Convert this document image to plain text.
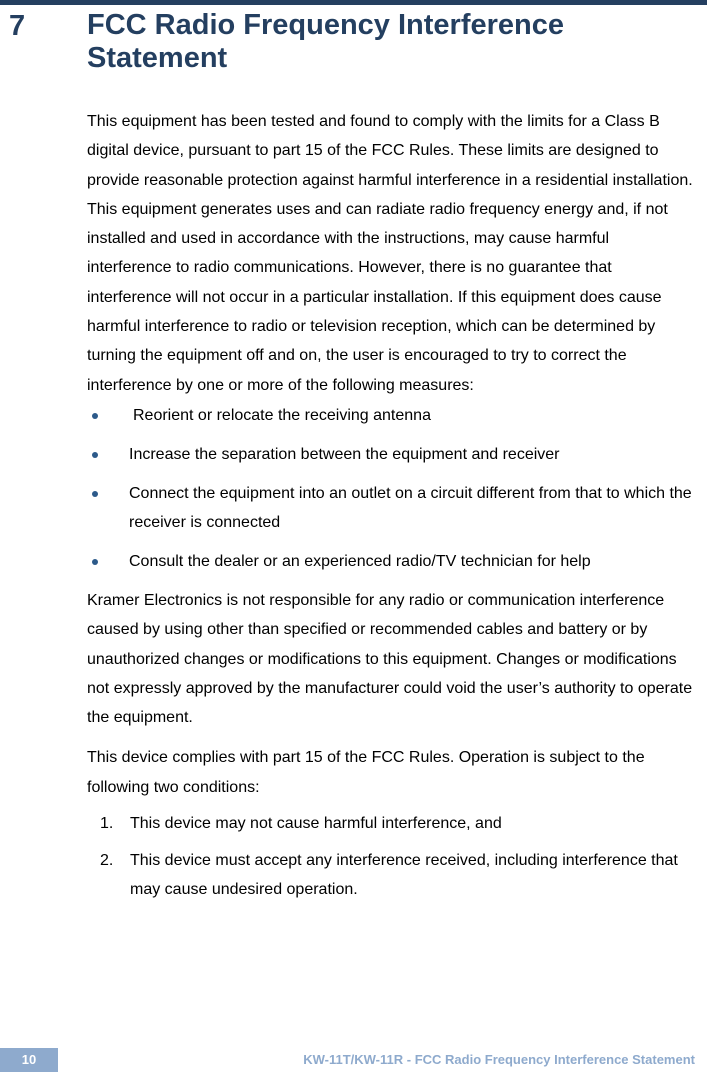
7 FCC Radio Frequency Interference Statement

This equipment has been tested and found to comply with the limits for a Class B digital device, pursuant to part 15 of the FCC Rules. These limits are designed to provide reasonable protection against harmful interference in a residential installation. This equipment generates uses and can radiate radio frequency energy and, if not installed and used in accordance with the instructions, may cause harmful interference to radio communications. However, there is no guarantee that interference will not occur in a particular installation. If this equipment does cause harmful interference to radio or television reception, which can be determined by turning the equipment off and on, the user is encouraged to try to correct the interference by one or more of the following measures:

Reorient or relocate the receiving antenna
Increase the separation between the equipment and receiver
Connect the equipment into an outlet on a circuit different from that to which the receiver is connected
Consult the dealer or an experienced radio/TV technician for help

Kramer Electronics is not responsible for any radio or communication interference caused by using other than specified or recommended cables and battery or by unauthorized changes or modifications to this equipment. Changes or modifications not expressly approved by the manufacturer could void the user’s authority to operate the equipment.

This device complies with part 15 of the FCC Rules. Operation is subject to the following two conditions:

1. This device may not cause harmful interference, and
2. This device must accept any interference received, including interference that may cause undesired operation.
10	KW-11T/KW-11R - FCC Radio Frequency Interference Statement
